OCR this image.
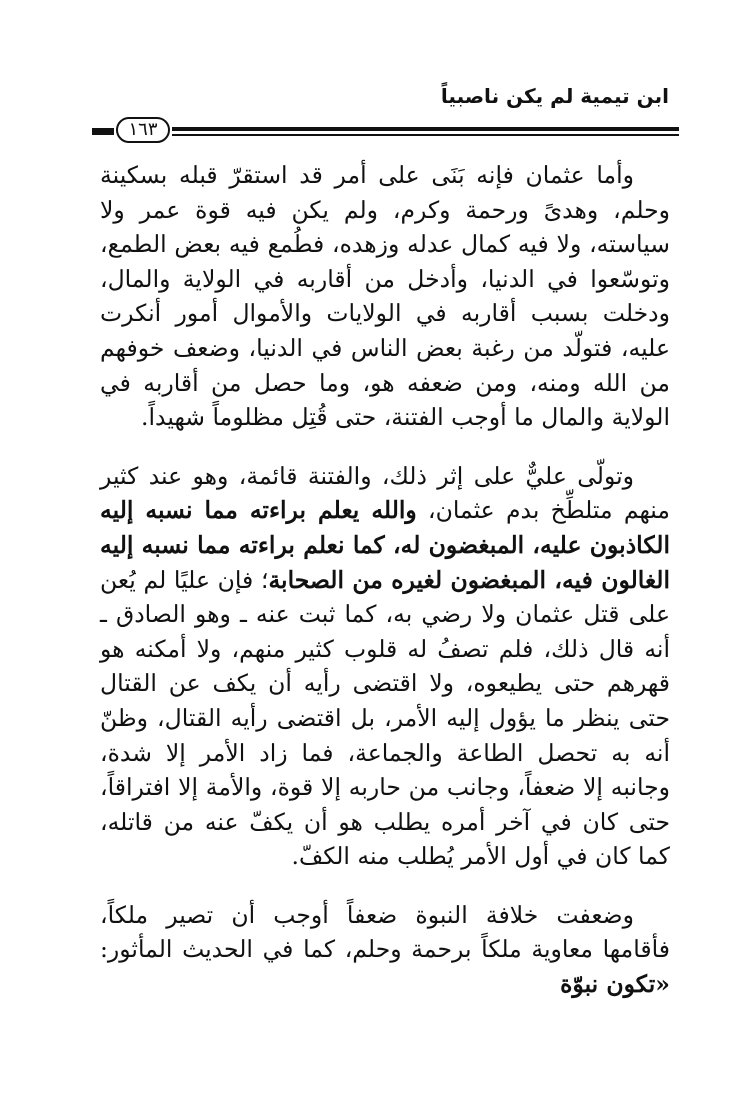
ابن تيمية لم يكن ناصبياً
١٦٣

وأما عثمان فإنه بَنَى على أمر قد استقرّ قبله بسكينة وحلم، وهدىً ورحمة وكرم، ولم يكن فيه قوة عمر ولا سياسته، ولا فيه كمال عدله وزهده، فطُمع فيه بعض الطمع، وتوسّعوا في الدنيا، وأدخل من أقاربه في الولاية والمال، ودخلت بسبب أقاربه في الولايات والأموال أمور أنكرت عليه، فتولّد من رغبة بعض الناس في الدنيا، وضعف خوفهم من الله ومنه، ومن ضعفه هو، وما حصل من أقاربه في الولاية والمال ما أوجب الفتنة، حتى قُتِل مظلوماً شهيداً.

وتولّى عليٌّ على إثر ذلك، والفتنة قائمة، وهو عند كثير منهم متلطِّخ بدم عثمان، والله يعلم براءته مما نسبه إليه الكاذبون عليه، المبغضون له، كما نعلم براءته مما نسبه إليه الغالون فيه، المبغضون لغيره من الصحابة؛ فإن عليًا لم يُعن على قتل عثمان ولا رضي به، كما ثبت عنه ـ وهو الصادق ـ أنه قال ذلك، فلم تصفُ له قلوب كثير منهم، ولا أمكنه هو قهرهم حتى يطيعوه، ولا اقتضى رأيه أن يكف عن القتال حتى ينظر ما يؤول إليه الأمر، بل اقتضى رأيه القتال، وظنّ أنه به تحصل الطاعة والجماعة، فما زاد الأمر إلا شدة، وجانبه إلا ضعفاً، وجانب من حاربه إلا قوة، والأمة إلا افتراقاً، حتى كان في آخر أمره يطلب هو أن يكفّ عنه من قاتله، كما كان في أول الأمر يُطلب منه الكفّ.

وضعفت خلافة النبوة ضعفاً أوجب أن تصير ملكاً، فأقامها معاوية ملكاً برحمة وحلم، كما في الحديث المأثور: «تكون نبوّة
